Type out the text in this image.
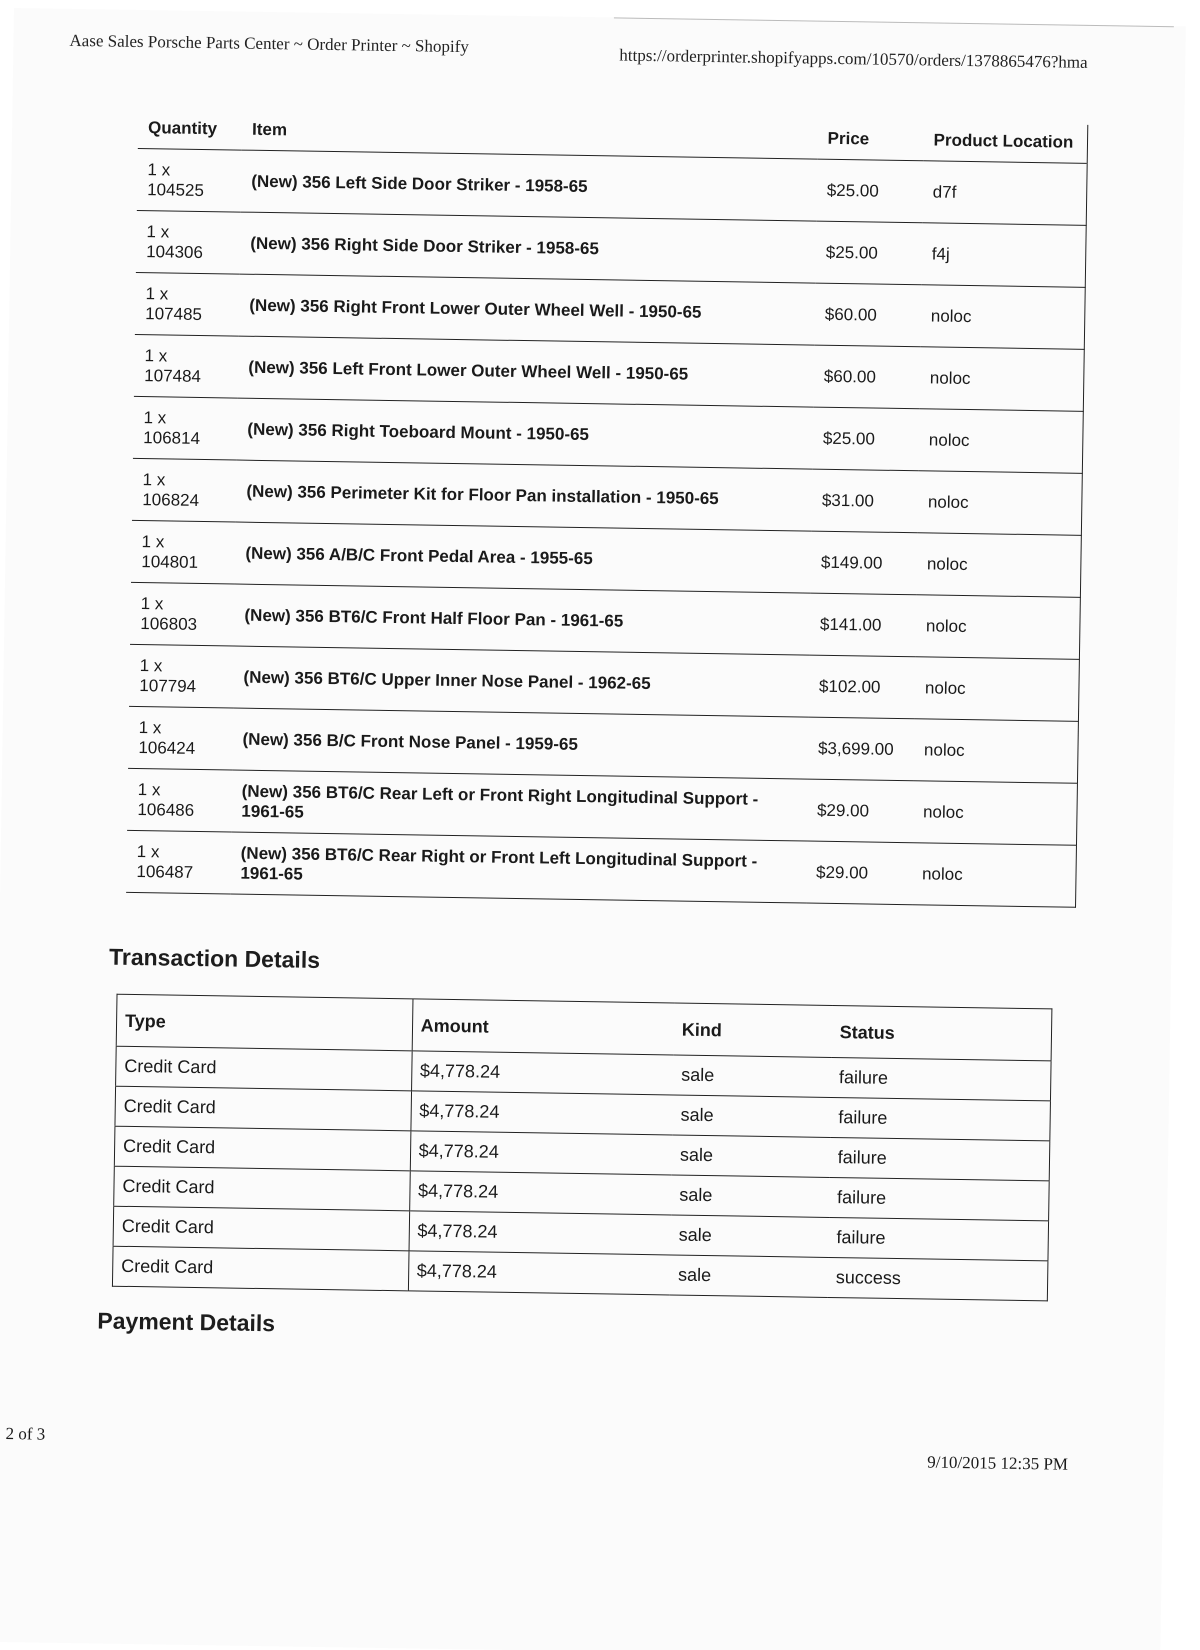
Aase Sales Porsche Parts Center ~ Order Printer ~ Shopify
https://orderprinter.shopifyapps.com/10570/orders/1378865476?hma
Quantity	Item	Price	Product Location

1 x
104525	(New) 356 Left Side Door Striker - 1958-65	$25.00	d7f

1 x
104306	(New) 356 Right Side Door Striker - 1958-65	$25.00	f4j

1 x
107485	(New) 356 Right Front Lower Outer Wheel Well - 1950-65	$60.00	noloc

1 x
107484	(New) 356 Left Front Lower Outer Wheel Well - 1950-65	$60.00	noloc

1 x
106814	(New) 356 Right Toeboard Mount - 1950-65	$25.00	noloc

1 x
106824	(New) 356 Perimeter Kit for Floor Pan installation - 1950-65	$31.00	noloc

1 x
104801	(New) 356 A/B/C Front Pedal Area - 1955-65	$149.00	noloc

1 x
106803	(New) 356 BT6/C Front Half Floor Pan - 1961-65	$141.00	noloc

1 x
107794	(New) 356 BT6/C Upper Inner Nose Panel - 1962-65	$102.00	noloc

1 x
106424	(New) 356 B/C Front Nose Panel - 1959-65	$3,699.00	noloc

1 x
106486	(New) 356 BT6/C Rear Left or Front Right Longitudinal Support - 1961-65	$29.00	noloc

1 x
106487	(New) 356 BT6/C Rear Right or Front Left Longitudinal Support - 1961-65	$29.00	noloc
Transaction Details
Type	Amount	Kind	Status
Credit Card	$4,778.24	sale	failure
Credit Card	$4,778.24	sale	failure
Credit Card	$4,778.24	sale	failure
Credit Card	$4,778.24	sale	failure
Credit Card	$4,778.24	sale	failure
Credit Card	$4,778.24	sale	success
Payment Details
2 of 3
9/10/2015 12:35 PM
